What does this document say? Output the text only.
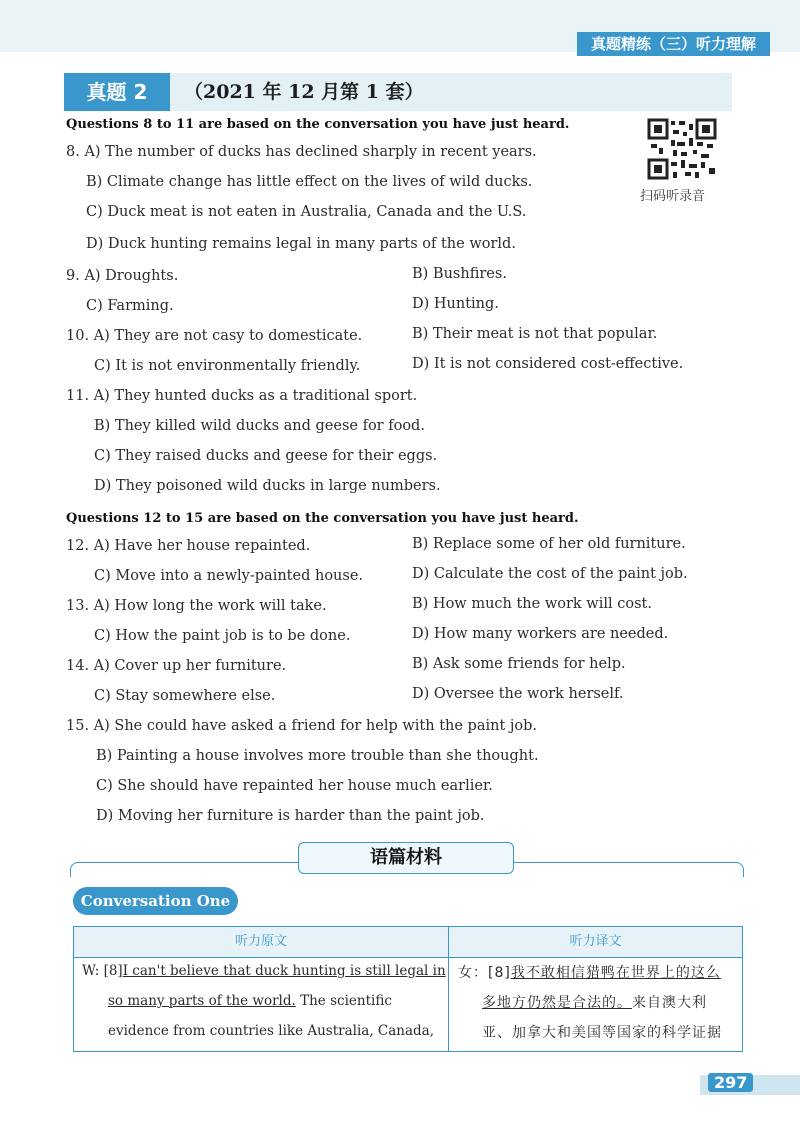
真题精练（三）听力理解
真题 2	（2021 年 12 月第 1 套）
扫码听录音
Questions 8 to 11 are based on the conversation you have just heard.
8. A) The number of ducks has declined sharply in recent years.
B) Climate change has little effect on the lives of wild ducks.
C) Duck meat is not eaten in Australia, Canada and the U.S.
D) Duck hunting remains legal in many parts of the world.
9. A) Droughts.	B) Bushfires.
C) Farming.	D) Hunting.
10. A) They are not casy to domesticate.	B) Their meat is not that popular.
C) It is not environmentally friendly.	D) It is not considered cost-effective.
11. A) They hunted ducks as a traditional sport.
B) They killed wild ducks and geese for food.
C) They raised ducks and geese for their eggs.
D) They poisoned wild ducks in large numbers.
Questions 12 to 15 are based on the conversation you have just heard.
12. A) Have her house repainted.	B) Replace some of her old furniture.
C) Move into a newly-painted house.	D) Calculate the cost of the paint job.
13. A) How long the work will take.	B) How much the work will cost.
C) How the paint job is to be done.	D) How many workers are needed.
14. A) Cover up her furniture.	B) Ask some friends for help.
C) Stay somewhere else.	D) Oversee the work herself.
15. A) She could have asked a friend for help with the paint job.
B) Painting a house involves more trouble than she thought.
C) She should have repainted her house much earlier.
D) Moving her furniture is harder than the paint job.
语篇材料
Conversation One
听力原文	听力译文
W: [8]I can't believe that duck hunting is still legal in
so many parts of the world. The scientific
evidence from countries like Australia, Canada,
女：[8]我不敢相信猎鸭在世界上的这么
多地方仍然是合法的。来自澳大利
亚、加拿大和美国等国家的科学证据
297
